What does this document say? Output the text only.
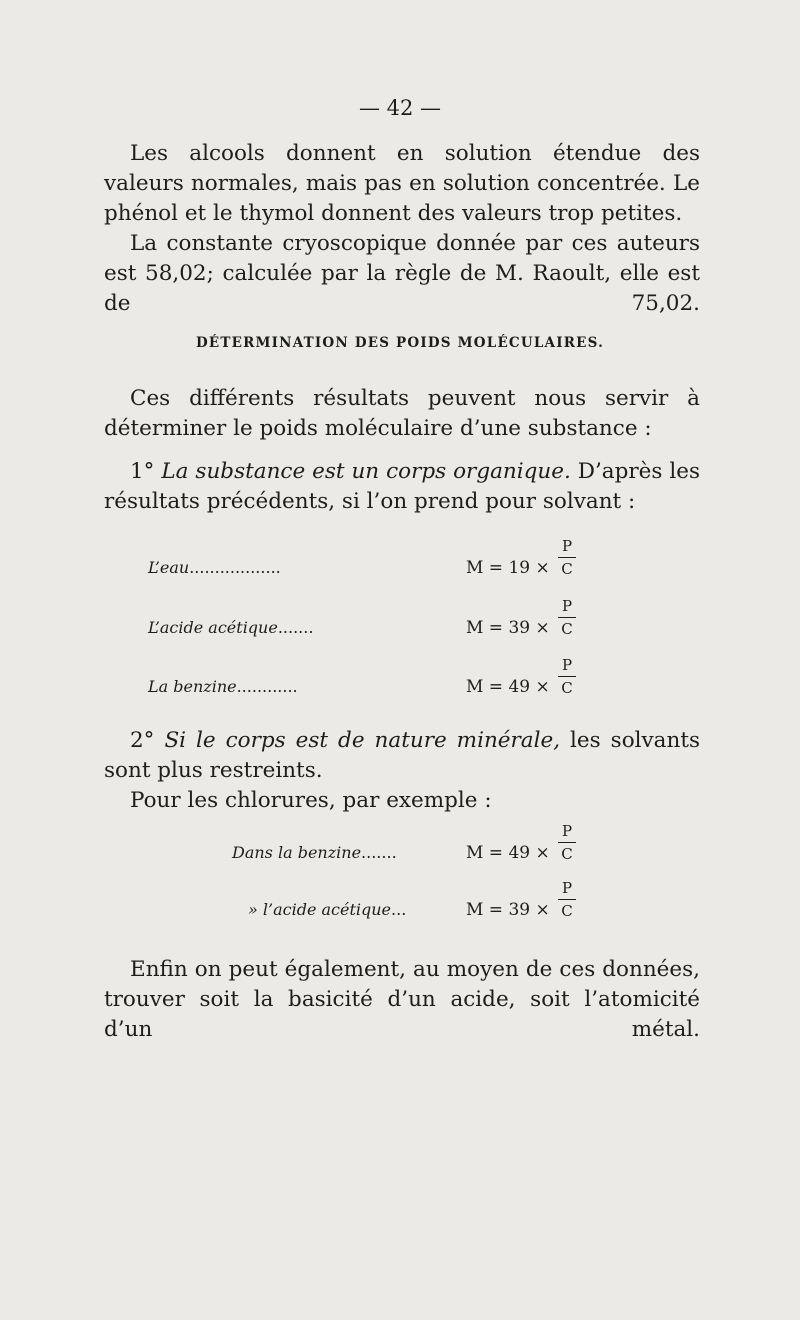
— 42 —
Les alcools donnent en solution étendue des valeurs normales, mais pas en solution concentrée. Le phénol et le thymol donnent des valeurs trop petites.
La constante cryoscopique donnée par ces auteurs est 58,02; calculée par la règle de M. Raoult, elle est de 75,02.
DÉTERMINATION DES POIDS MOLÉCULAIRES.
Ces différents résultats peuvent nous servir à déterminer le poids moléculaire d’une substance :
1° La substance est un corps organique. D’après les résultats précédents, si l’on prend pour solvant :
L’eau..................	M = 19 ×
P
C
L’acide acétique.......	M = 39 ×
P
C
La benzine............	M = 49 ×
P
C
2° Si le corps est de nature minérale, les solvants sont plus restreints.
Pour les chlorures, par exemple :
Dans la benzine.......	M = 49 ×
P
C
» l’acide acétique...	M = 39 ×
P
C
Enfin on peut également, au moyen de ces données, trouver soit la basicité d’un acide, soit l’atomicité d’un métal.
